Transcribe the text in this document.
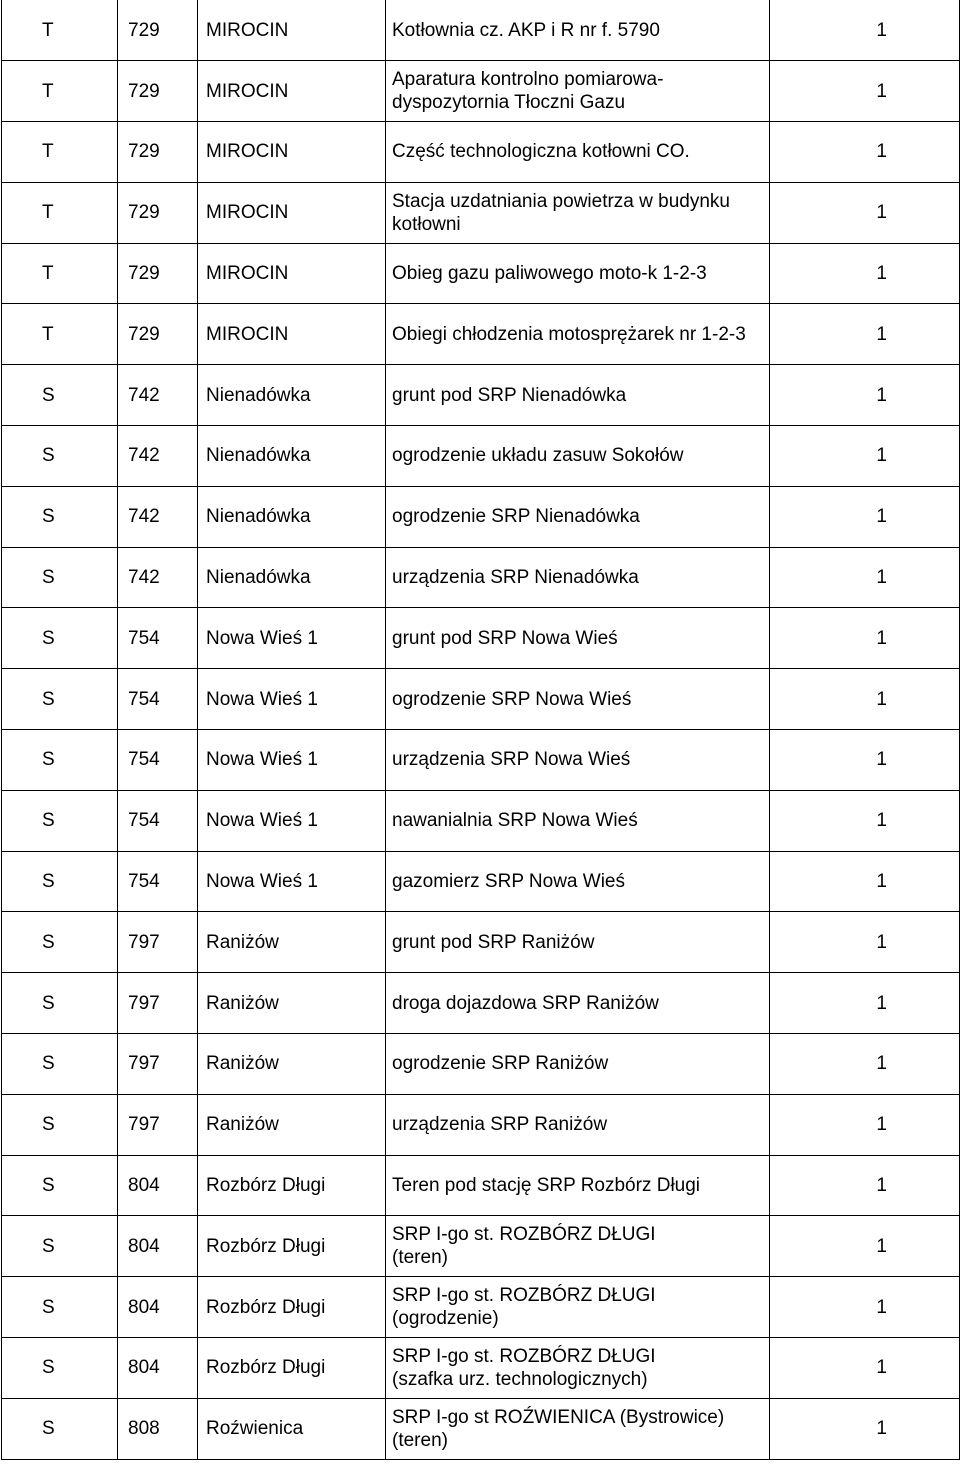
T	729	MIROCIN	Kotłownia cz. AKP i R nr f. 5790	1
T	729	MIROCIN	Aparatura kontrolno pomiarowa-
dyspozytornia Tłoczni Gazu	1
T	729	MIROCIN	Część technologiczna kotłowni CO.	1
T	729	MIROCIN	Stacja uzdatniania powietrza w budynku
kotłowni	1
T	729	MIROCIN	Obieg gazu paliwowego moto-k 1-2-3	1
T	729	MIROCIN	Obiegi chłodzenia motosprężarek nr 1-2-3	1
S	742	Nienadówka	grunt pod SRP Nienadówka	1
S	742	Nienadówka	ogrodzenie układu zasuw Sokołów	1
S	742	Nienadówka	ogrodzenie SRP Nienadówka	1
S	742	Nienadówka	urządzenia SRP Nienadówka	1
S	754	Nowa Wieś 1	grunt pod SRP Nowa Wieś	1
S	754	Nowa Wieś 1	ogrodzenie SRP Nowa Wieś	1
S	754	Nowa Wieś 1	urządzenia SRP Nowa Wieś	1
S	754	Nowa Wieś 1	nawanialnia SRP Nowa Wieś	1
S	754	Nowa Wieś 1	gazomierz SRP Nowa Wieś	1
S	797	Raniżów	grunt pod SRP Raniżów	1
S	797	Raniżów	droga dojazdowa SRP Raniżów	1
S	797	Raniżów	ogrodzenie SRP Raniżów	1
S	797	Raniżów	urządzenia SRP Raniżów	1
S	804	Rozbórz Długi	Teren pod stację SRP Rozbórz Długi	1
S	804	Rozbórz Długi	SRP I-go st. ROZBÓRZ DŁUGI
(teren)	1
S	804	Rozbórz Długi	SRP I-go st. ROZBÓRZ DŁUGI
(ogrodzenie)	1
S	804	Rozbórz Długi	SRP I-go st. ROZBÓRZ DŁUGI
(szafka urz. technologicznych)	1
S	808	Roźwienica	SRP I-go st ROŹWIENICA (Bystrowice)
(teren)	1
